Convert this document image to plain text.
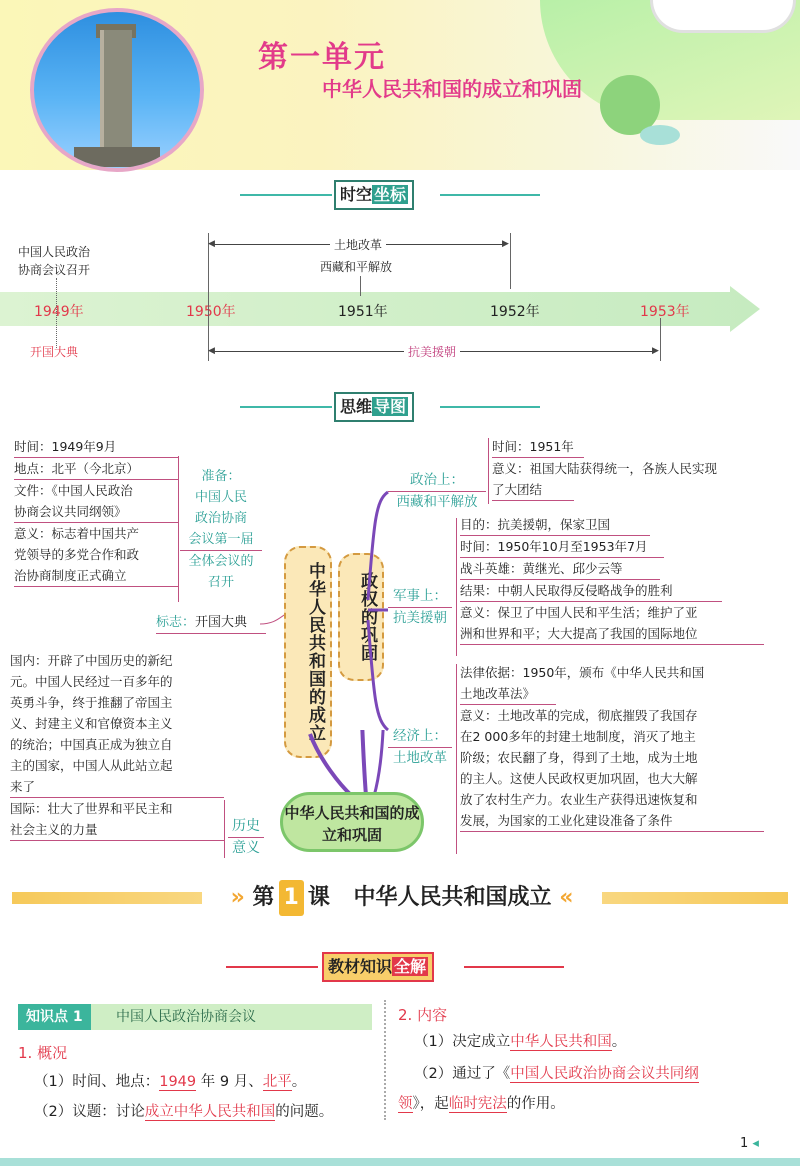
第一单元
中华人民共和国的成立和巩固
时空 坐标
1949年	1950年	1951年	1952年	1953年
中国人民政治
协商会议召开
开国大典
◀	▶
土地改革
西藏和平解放
◀	▶
抗美援朝
思维 导图
时间：1949年9月
地点：北平（今北京）
文件：《中国人民政治
协商会议共同纲领》
意义：标志着中国共产
党领导的多党合作和政
治协商制度正式确立
准备：
中国人民
政治协商
会议第一届
全体会议的
召开
标志：开国大典
国内：开辟了中国历史的新纪
元。中国人民经过一百多年的
英勇斗争，终于推翻了帝国主
义、封建主义和官僚资本主义
的统治；中国真正成为独立自
主的国家，中国人从此站立起
来了
国际：壮大了世界和平民主和
社会主义的力量	历史
意义
中华人民共和国的成立	政权的巩固
中华人民共和国的成立和巩固
政治上：
西藏和平解放
时间：1951年
意义：祖国大陆获得统一，各族人民实现
了大团结
军事上：
抗美援朝
目的：抗美援朝，保家卫国
时间：1950年10月至1953年7月
战斗英雄：黄继光、邱少云等
结果：中朝人民取得反侵略战争的胜利
意义：保卫了中国人民和平生活；维护了亚
洲和世界和平；大大提高了我国的国际地位
经济上：
土地改革
法律依据：1950年，颁布《中华人民共和国
土地改革法》
意义：土地改革的完成，彻底摧毁了我国存
在2 000多年的封建土地制度，消灭了地主
阶级；农民翻了身，得到了土地，成为土地
的主人。这使人民政权更加巩固，也大大解
放了农村生产力。农业生产获得迅速恢复和
发展，为国家的工业化建设准备了条件
» 第 1 课 中华人民共和国成立 «
教材知识 全解
知识点 1	中国人民政治协商会议
1. 概况
（1）时间、地点：1949 年 9 月、北平。
（2）议题：讨论成立中华人民共和国的问题。
2. 内容
（1）决定成立中华人民共和国。
（2）通过了《中国人民政治协商会议共同纲
领》，起临时宪法的作用。
1 ◂
